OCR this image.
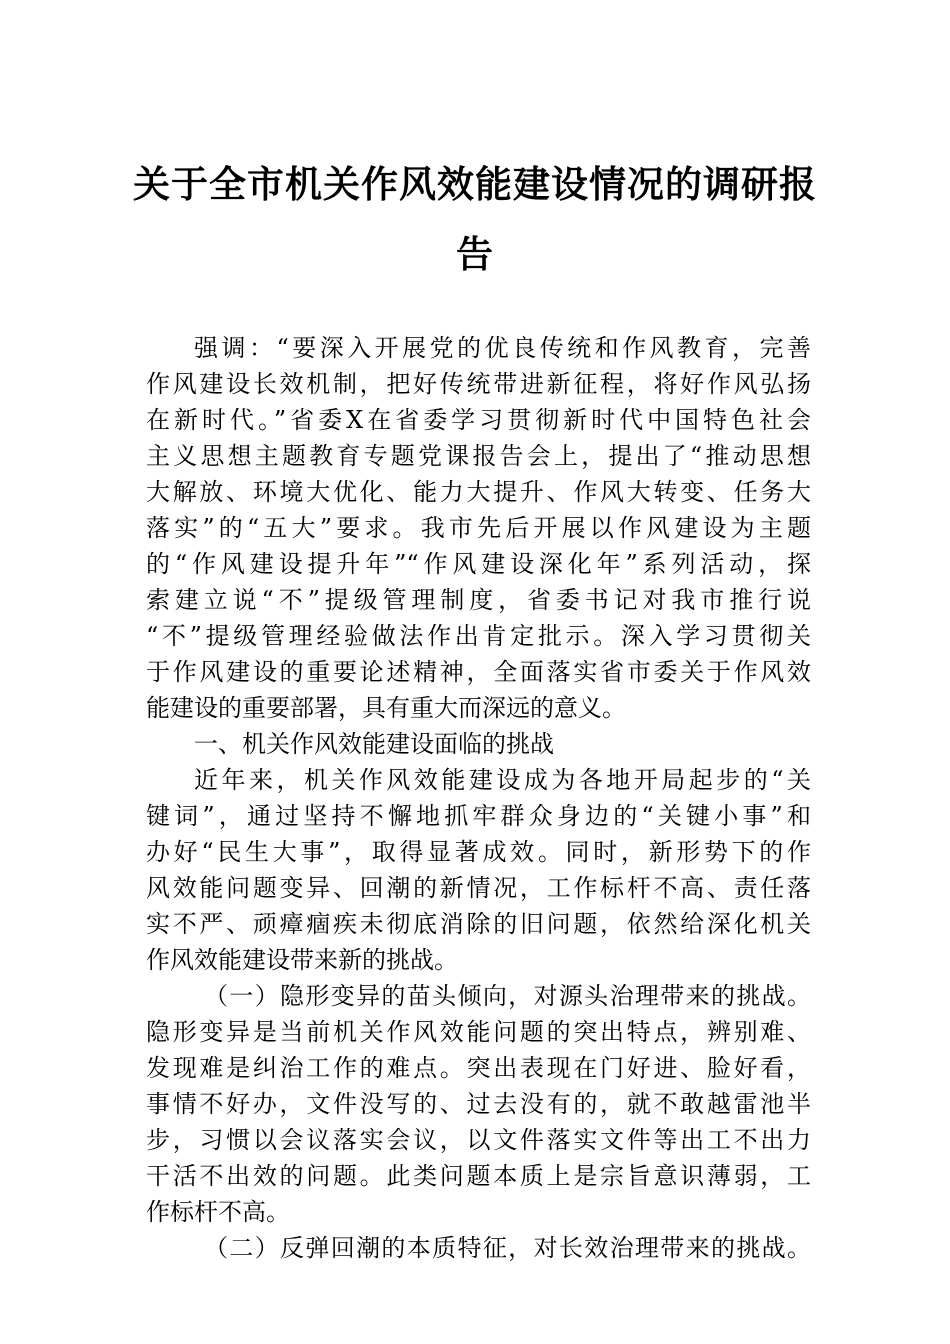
关于全市机关作风效能建设情况的调研报
告
强调：“要深入开展党的优良传统和作风教育，完善
作风建设长效机制，把好传统带进新征程，将好作风弘扬
在新时代。”省委X在省委学习贯彻新时代中国特色社会
主义思想主题教育专题党课报告会上，提出了“推动思想
大解放、环境大优化、能力大提升、作风大转变、任务大
落实”的“五大”要求。我市先后开展以作风建设为主题
的“作风建设提升年”“作风建设深化年”系列活动，探
索建立说“不”提级管理制度，省委书记对我市推行说
“不”提级管理经验做法作出肯定批示。深入学习贯彻关
于作风建设的重要论述精神，全面落实省市委关于作风效
能建设的重要部署，具有重大而深远的意义。
一、机关作风效能建设面临的挑战
近年来，机关作风效能建设成为各地开局起步的“关
键词”，通过坚持不懈地抓牢群众身边的“关键小事”和
办好“民生大事”，取得显著成效。同时，新形势下的作
风效能问题变异、回潮的新情况，工作标杆不高、责任落
实不严、顽瘴痼疾未彻底消除的旧问题，依然给深化机关
作风效能建设带来新的挑战。
（一）隐形变异的苗头倾向，对源头治理带来的挑战。
隐形变异是当前机关作风效能问题的突出特点，辨别难、
发现难是纠治工作的难点。突出表现在门好进、脸好看，
事情不好办，文件没写的、过去没有的，就不敢越雷池半
步，习惯以会议落实会议，以文件落实文件等出工不出力
干活不出效的问题。此类问题本质上是宗旨意识薄弱，工
作标杆不高。
（二）反弹回潮的本质特征，对长效治理带来的挑战。
